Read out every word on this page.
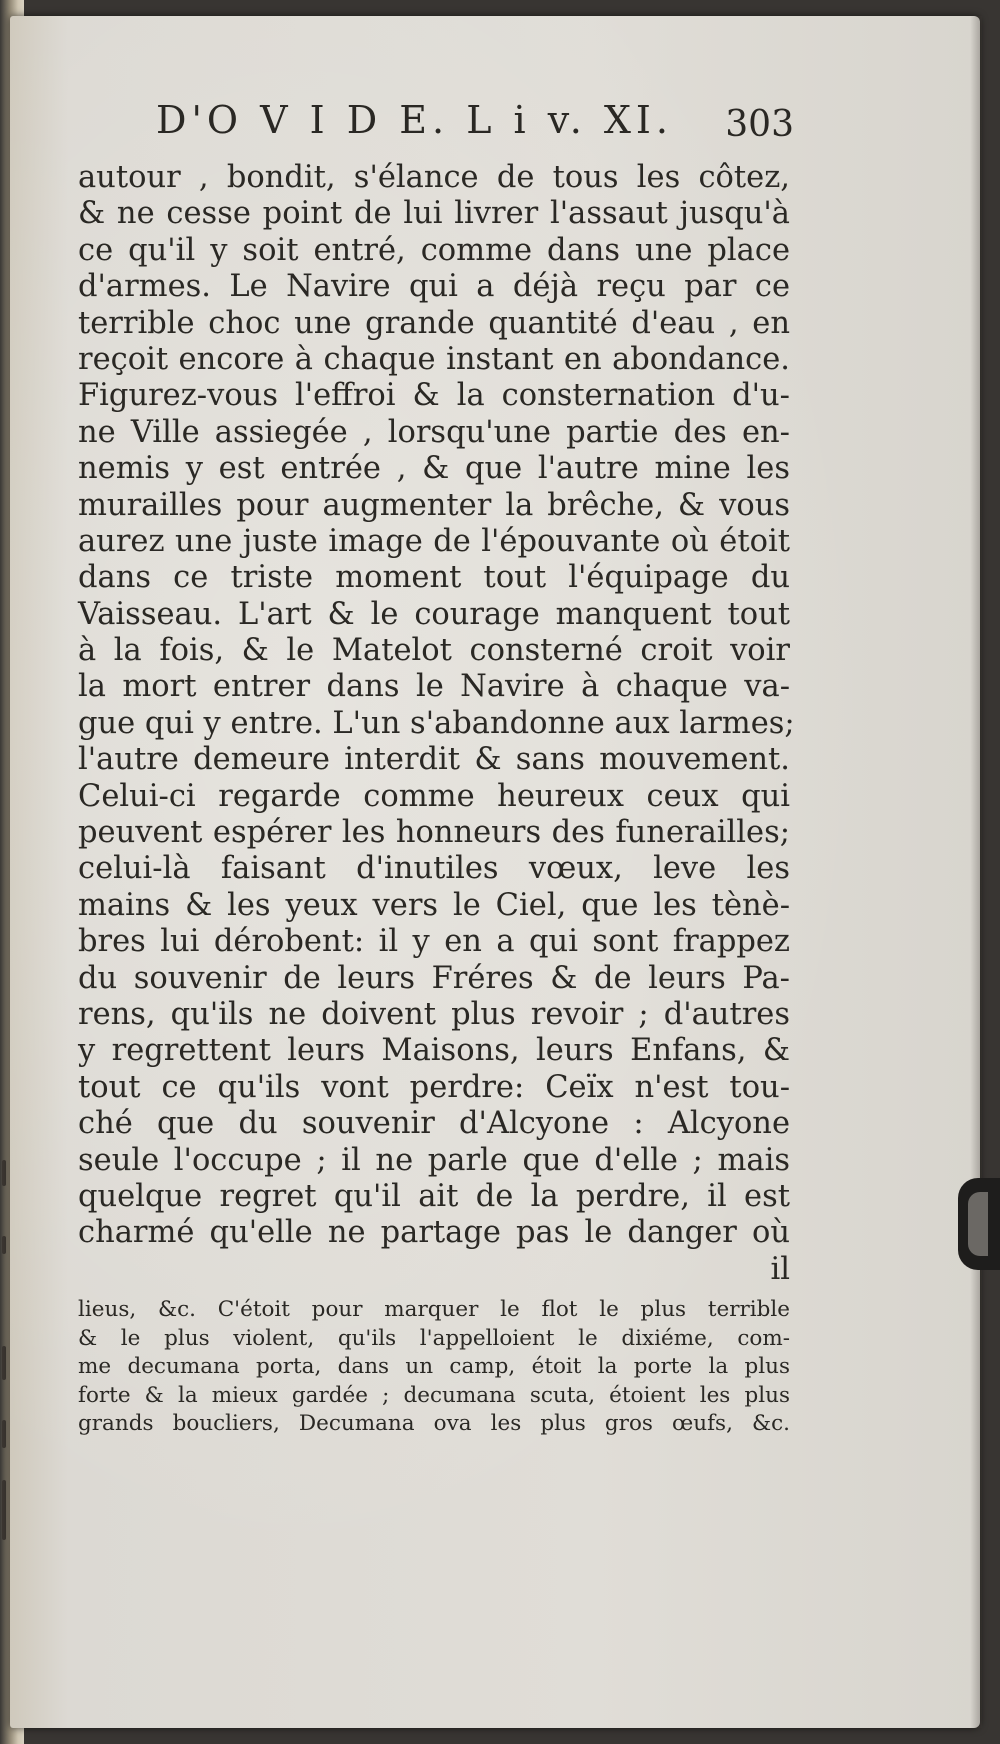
D'O V I D E. L i v. XI. 303
autour , bondit, s'élance de tous les côtez,
& ne cesse point de lui livrer l'assaut jusqu'à
ce qu'il y soit entré, comme dans une place
d'armes. Le Navire qui a déjà reçu par ce
terrible choc une grande quantité d'eau , en
reçoit encore à chaque instant en abondance.
Figurez-vous l'effroi & la consternation d'u-
ne Ville assiegée , lorsqu'une partie des en-
nemis y est entrée , & que l'autre mine les
murailles pour augmenter la brêche, & vous
aurez une juste image de l'épouvante où étoit
dans ce triste moment tout l'équipage du
Vaisseau. L'art & le courage manquent tout
à la fois, & le Matelot consterné croit voir
la mort entrer dans le Navire à chaque va-
gue qui y entre. L'un s'abandonne aux larmes;
l'autre demeure interdit & sans mouvement.
Celui-ci regarde comme heureux ceux qui
peuvent espérer les honneurs des funerailles;
celui-là faisant d'inutiles vœux, leve les
mains & les yeux vers le Ciel, que les tènè-
bres lui dérobent: il y en a qui sont frappez
du souvenir de leurs Fréres & de leurs Pa-
rens, qu'ils ne doivent plus revoir ; d'autres
y regrettent leurs Maisons, leurs Enfans, &
tout ce qu'ils vont perdre: Ceïx n'est tou-
ché que du souvenir d'Alcyone : Alcyone
seule l'occupe ; il ne parle que d'elle ; mais
quelque regret qu'il ait de la perdre, il est
charmé qu'elle ne partage pas le danger où
il
lieus, &c. C'étoit pour marquer le flot le plus terrible
& le plus violent, qu'ils l'appelloient le dixiéme, com-
me decumana porta, dans un camp, étoit la porte la plus
forte & la mieux gardée ; decumana scuta, étoient les plus
grands boucliers, Decumana ova les plus gros œufs, &c.
